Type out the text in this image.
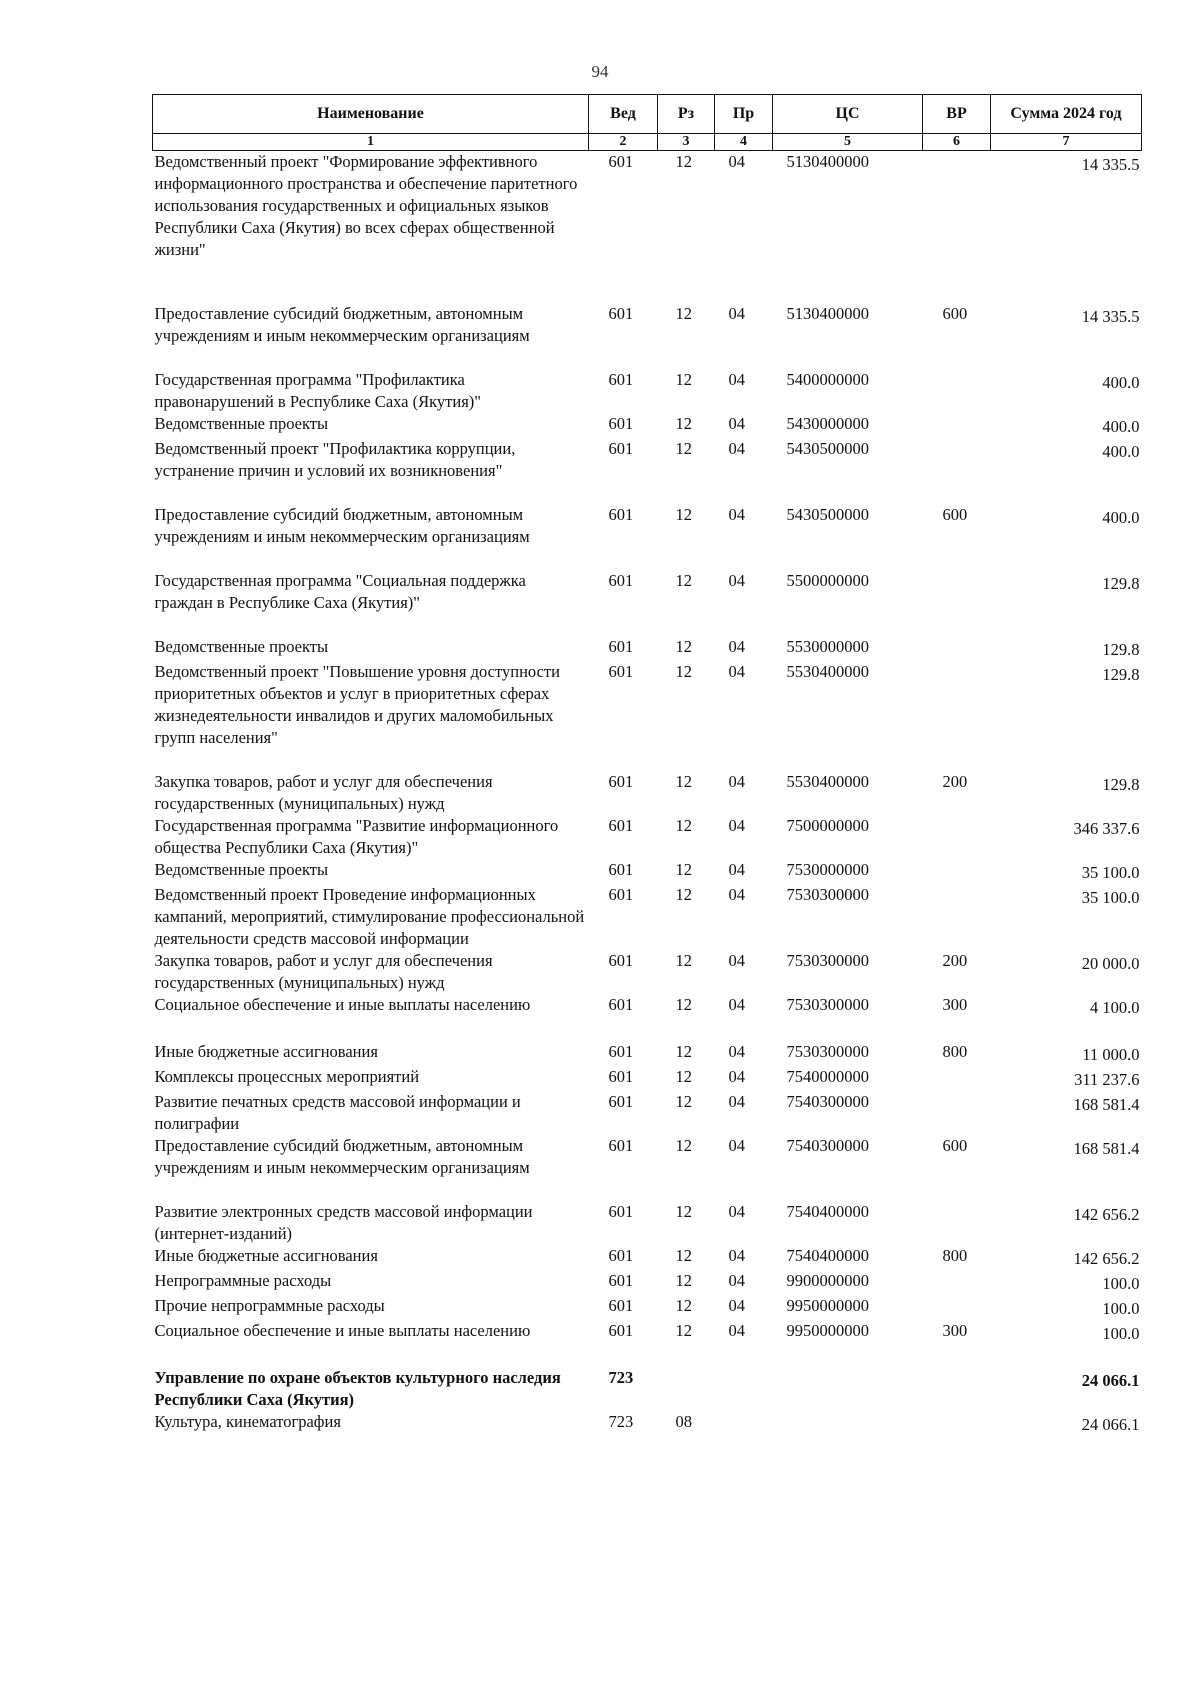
94
Наименование	Вед	Рз	Пр	ЦС	ВР	Сумма 2024 год
1	2	3	4	5	6	7
Ведомственный проект "Формирование эффективного информационного пространства и обеспечение паритетного использования государственных и официальных языков Республики Саха (Якутия) во всех сферах общественной жизни"	601	12	04	5130400000		14 335.5
Предоставление субсидий бюджетным, автономным учреждениям и иным некоммерческим организациям	601	12	04	5130400000	600	14 335.5
Государственная программа "Профилактика правонарушений в Республике Саха (Якутия)"	601	12	04	5400000000		400.0
Ведомственные проекты	601	12	04	5430000000		400.0
Ведомственный проект "Профилактика коррупции, устранение причин и условий их возникновения"	601	12	04	5430500000		400.0
Предоставление субсидий бюджетным, автономным учреждениям и иным некоммерческим организациям	601	12	04	5430500000	600	400.0
Государственная программа "Социальная поддержка граждан в Республике Саха (Якутия)"	601	12	04	5500000000		129.8
Ведомственные проекты	601	12	04	5530000000		129.8
Ведомственный проект "Повышение уровня доступности приоритетных объектов и услуг в приоритетных сферах жизнедеятельности инвалидов и других маломобильных групп населения"	601	12	04	5530400000		129.8
Закупка товаров, работ и услуг для обеспечения государственных (муниципальных) нужд	601	12	04	5530400000	200	129.8
Государственная программа "Развитие информационного общества Республики Саха (Якутия)"	601	12	04	7500000000		346 337.6
Ведомственные проекты	601	12	04	7530000000		35 100.0
Ведомственный проект Проведение информационных кампаний, мероприятий, стимулирование профессиональной деятельности средств массовой информации	601	12	04	7530300000		35 100.0
Закупка товаров, работ и услуг для обеспечения государственных (муниципальных) нужд	601	12	04	7530300000	200	20 000.0
Социальное обеспечение и иные выплаты населению	601	12	04	7530300000	300	4 100.0
Иные бюджетные ассигнования	601	12	04	7530300000	800	11 000.0
Комплексы процессных мероприятий	601	12	04	7540000000		311 237.6
Развитие печатных средств массовой информации и полиграфии	601	12	04	7540300000		168 581.4
Предоставление субсидий бюджетным, автономным учреждениям и иным некоммерческим организациям	601	12	04	7540300000	600	168 581.4
Развитие электронных средств массовой информации (интернет-изданий)	601	12	04	7540400000		142 656.2
Иные бюджетные ассигнования	601	12	04	7540400000	800	142 656.2
Непрограммные расходы	601	12	04	9900000000		100.0
Прочие непрограммные расходы	601	12	04	9950000000		100.0
Социальное обеспечение и иные выплаты населению	601	12	04	9950000000	300	100.0
Управление по охране объектов культурного наследия Республики Саха (Якутия)	723					24 066.1
Культура, кинематография	723	08				24 066.1
